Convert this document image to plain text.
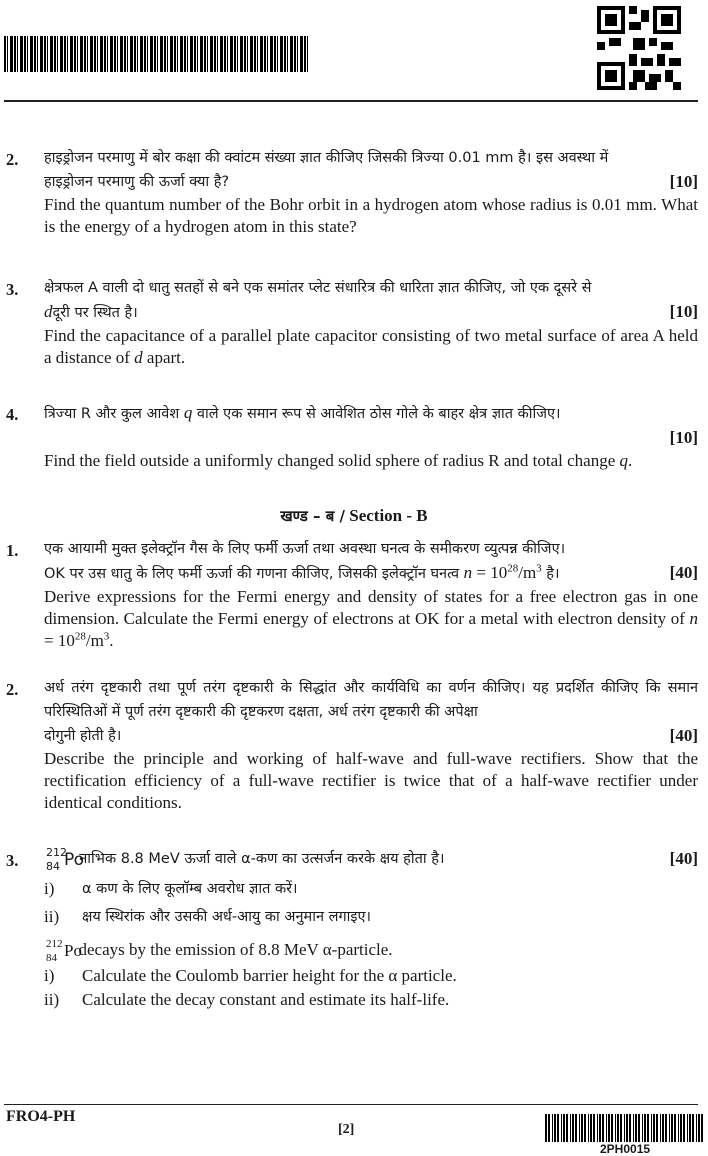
2. हाइड्रोजन परमाणु में बोर कक्षा की क्वांटम संख्या ज्ञात कीजिए जिसकी त्रिज्या 0.01 mm है। इस अवस्था में
हाइड्रोजन परमाणु की ऊर्जा क्या है?	[10]
Find the quantum number of the Bohr orbit in a hydrogen atom whose radius is 0.01 mm. What is the energy of a hydrogen atom in this state?
3. क्षेत्रफल A वाली दो धातु सतहों से बने एक समांतर प्लेट संधारित्र की धारिता ज्ञात कीजिए, जो एक दूसरे से
dदूरी पर स्थित है।	[10]
Find the capacitance of a parallel plate capacitor consisting of two metal surface of area A held a distance of d apart.
4. त्रिज्या R और कुल आवेश q वाले एक समान रूप से आवेशित ठोस गोले के बाहर क्षेत्र ज्ञात कीजिए।
[10]

Find the field outside a uniformly changed solid sphere of radius R and total change q.
खण्ड – ब / Section - B
1. एक आयामी मुक्त इलेक्ट्रॉन गैस के लिए फर्मी ऊर्जा तथा अवस्था घनत्व के समीकरण व्युत्पन्न कीजिए।
OK पर उस धातु के लिए फर्मी ऊर्जा की गणना कीजिए, जिसकी इलेक्ट्रॉन घनत्व $n = 10^{28}/m^3$ है।	[40]
Derive expressions for the Fermi energy and density of states for a free electron gas in one dimension. Calculate the Fermi energy of electrons at OK for a metal with electron density of $n = 10^{28}/m^3$.
2. अर्ध तरंग दृष्टकारी तथा पूर्ण तरंग दृष्टकारी के सिद्धांत और कार्यविधि का वर्णन कीजिए। यह प्रदर्शित कीजिए कि समान परिस्थितिओं में पूर्ण तरंग दृष्टकारी की दृष्टकरण दक्षता, अर्ध तरंग दृष्टकारी की अपेक्षा
दोगुनी होती है।	[40]
Describe the principle and working of half-wave and full-wave rectifiers. Show that the rectification efficiency of a full-wave rectifier is twice that of a half-wave rectifier under identical conditions.
3.	212
84 Po
नाभिक 8.8 MeV ऊर्जा वाले α-कण का उत्सर्जन करके क्षय होता है।	[40]
i)	α कण के लिए कूलॉम्ब अवरोध ज्ञात करें।
ii)	क्षय स्थिरांक और उसकी अर्ध-आयु का अनुमान लगाइए।
212
84 Po
decays by the emission of 8.8 MeV α-particle.
i)	Calculate the Coulomb barrier height for the α particle.
ii)	Calculate the decay constant and estimate its half-life.
FRO4-PH
[2]
2PH0015
